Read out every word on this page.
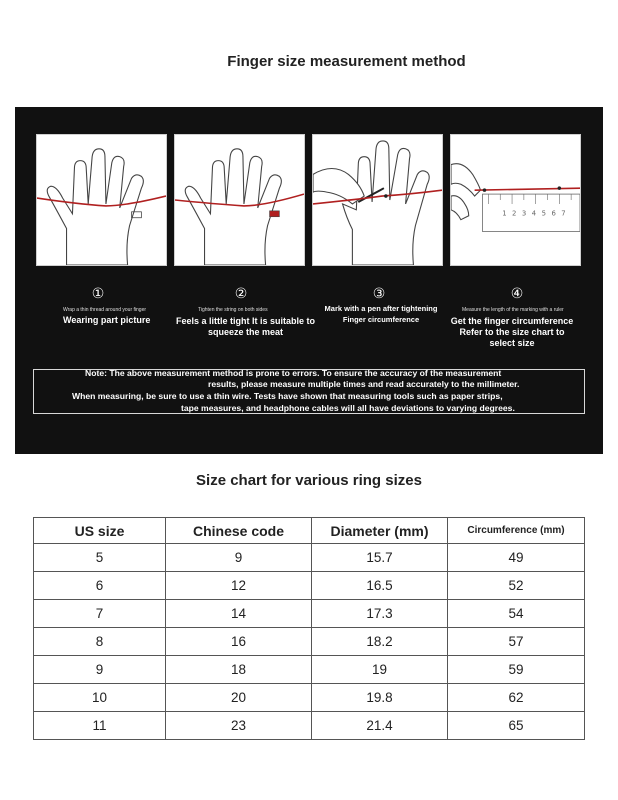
Finger size measurement method
1 2 3 4 5 6 7
①	②	③	④
Wrap a thin thread around your finger
Wearing part picture
Tighten the string on both sides
Feels a little tight It is suitable to squeeze the meat
Mark with a pen after tightening Finger circumference
Measure the length of the marking with a ruler
Get the finger circumference Refer to the size chart to select size
Note: The above measurement method is prone to errors. To ensure the accuracy of the measurement
results, please measure multiple times and read accurately to the millimeter.
When measuring, be sure to use a thin wire. Tests have shown that measuring tools such as paper strips,
tape measures, and headphone cables will all have deviations to varying degrees.
Size chart for various ring sizes
US size	Chinese code	Diameter (mm)	Circumference (mm)
5	9	15.7	49
6	12	16.5	52
7	14	17.3	54
8	16	18.2	57
9	18	19	59
10	20	19.8	62
11	23	21.4	65
